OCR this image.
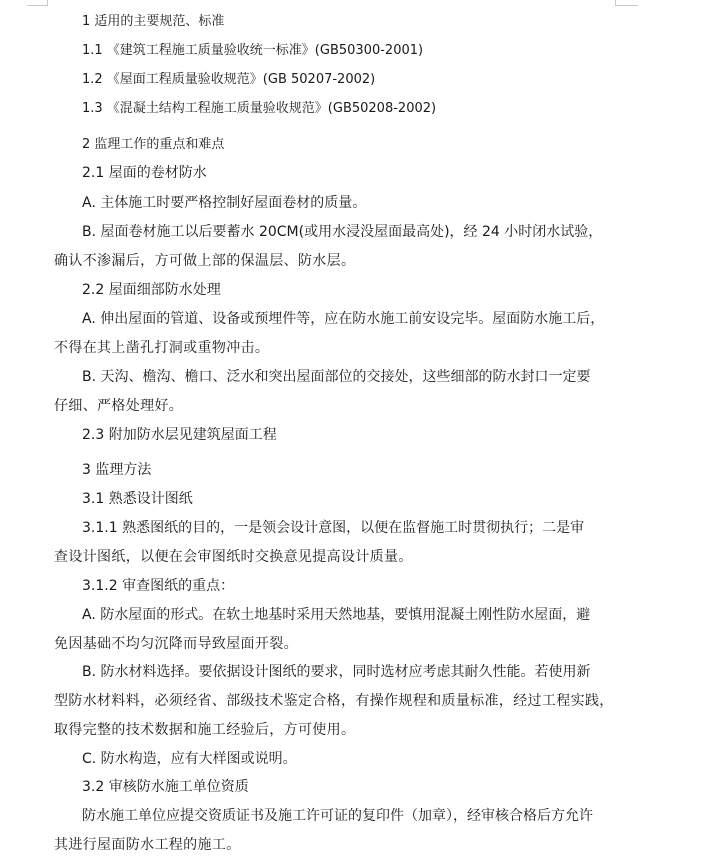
1 适用的主要规范、标准
1.1 《建筑工程施工质量验收统一标准》(GB50300-2001)
1.2 《屋面工程质量验收规范》(GB 50207-2002)
1.3 《混凝土结构工程施工质量验收规范》(GB50208-2002)
2 监理工作的重点和难点
2.1 屋面的卷材防水
A. 主体施工时要严格控制好屋面卷材的质量。
B. 屋面卷材施工以后要蓄水 20CM(或用水浸没屋面最高处)，经 24 小时闭水试验，
确认不渗漏后，方可做上部的保温层、防水层。
2.2 屋面细部防水处理
A. 伸出屋面的管道、设备或预埋件等，应在防水施工前安设完毕。屋面防水施工后，
不得在其上凿孔打洞或重物冲击。
B. 天沟、檐沟、檐口、泛水和突出屋面部位的交接处，这些细部的防水封口一定要
仔细、严格处理好。
2.3 附加防水层见建筑屋面工程
3 监理方法
3.1 熟悉设计图纸
3.1.1 熟悉图纸的目的，一是领会设计意图，以便在监督施工时贯彻执行；二是审
查设计图纸，以便在会审图纸时交换意见提高设计质量。
3.1.2 审查图纸的重点：
A. 防水屋面的形式。在软土地基时采用天然地基，要慎用混凝土刚性防水屋面，避
免因基础不均匀沉降而导致屋面开裂。
B. 防水材料选择。要依据设计图纸的要求，同时选材应考虑其耐久性能。若使用新
型防水材料料，必须经省、部级技术鉴定合格，有操作规程和质量标准，经过工程实践，
取得完整的技术数据和施工经验后，方可使用。
C. 防水构造，应有大样图或说明。
3.2 审核防水施工单位资质
防水施工单位应提交资质证书及施工许可证的复印件（加章），经审核合格后方允许
其进行屋面防水工程的施工。
